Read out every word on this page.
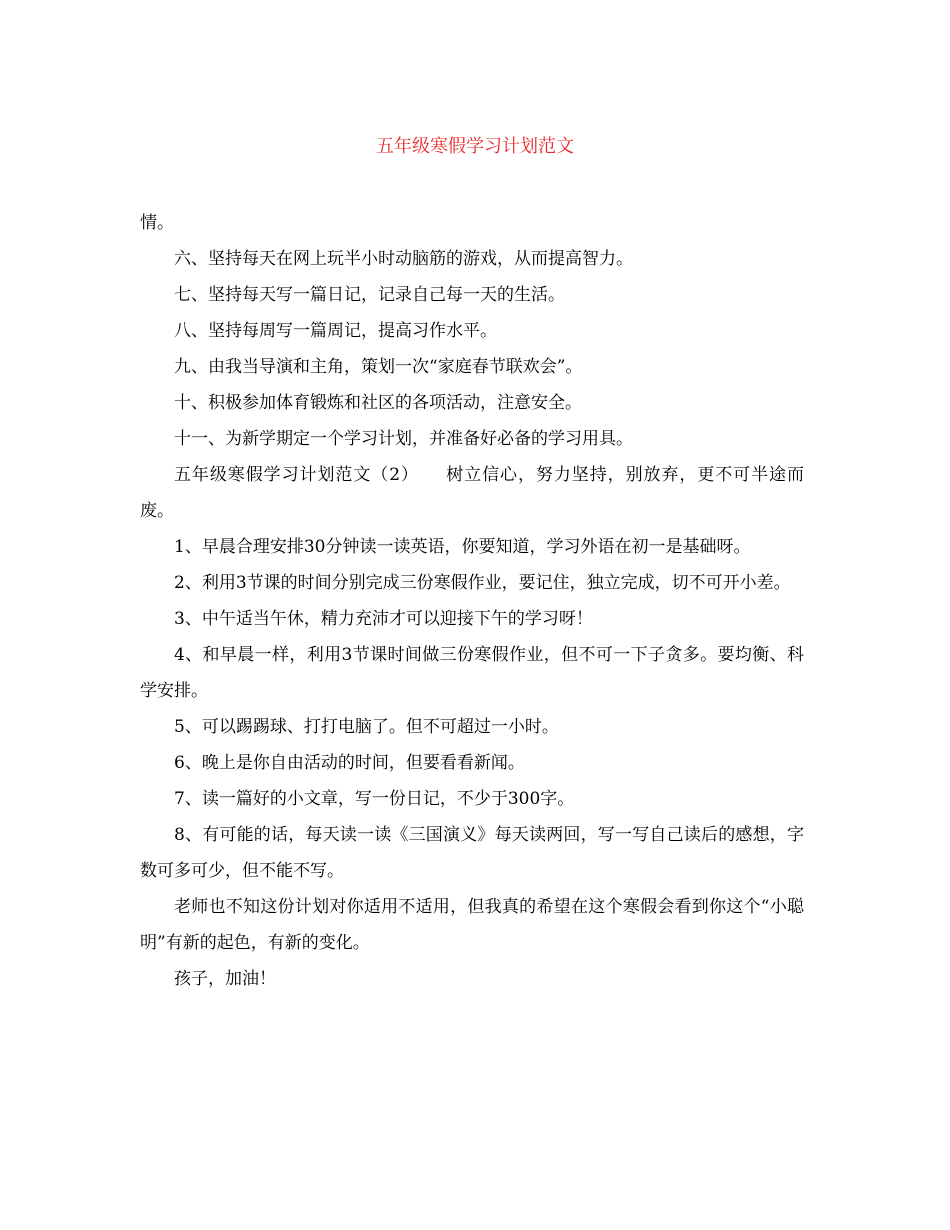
五年级寒假学习计划范文

情。

六、坚持每天在网上玩半小时动脑筋的游戏，从而提高智力。

七、坚持每天写一篇日记，记录自己每一天的生活。

八、坚持每周写一篇周记，提高习作水平。

九、由我当导演和主角，策划一次“家庭春节联欢会”。

十、积极参加体育锻炼和社区的各项活动，注意安全。

十一、为新学期定一个学习计划，并准备好必备的学习用具。

五年级寒假学习计划范文（2）　　树立信心，努力坚持，别放弃，更不可半途而废。

1、早晨合理安排30分钟读一读英语，你要知道，学习外语在初一是基础呀。

2、利用3节课的时间分别完成三份寒假作业，要记住，独立完成，切不可开小差。

3、中午适当午休，精力充沛才可以迎接下午的学习呀！

4、和早晨一样，利用3节课时间做三份寒假作业，但不可一下子贪多。要均衡、科学安排。

5、可以踢踢球、打打电脑了。但不可超过一小时。

6、晚上是你自由活动的时间，但要看看新闻。

7、读一篇好的小文章，写一份日记，不少于300字。

8、有可能的话，每天读一读《三国演义》每天读两回，写一写自己读后的感想，字数可多可少，但不能不写。

老师也不知这份计划对你适用不适用，但我真的希望在这个寒假会看到你这个“小聪明”有新的起色，有新的变化。

孩子，加油！
